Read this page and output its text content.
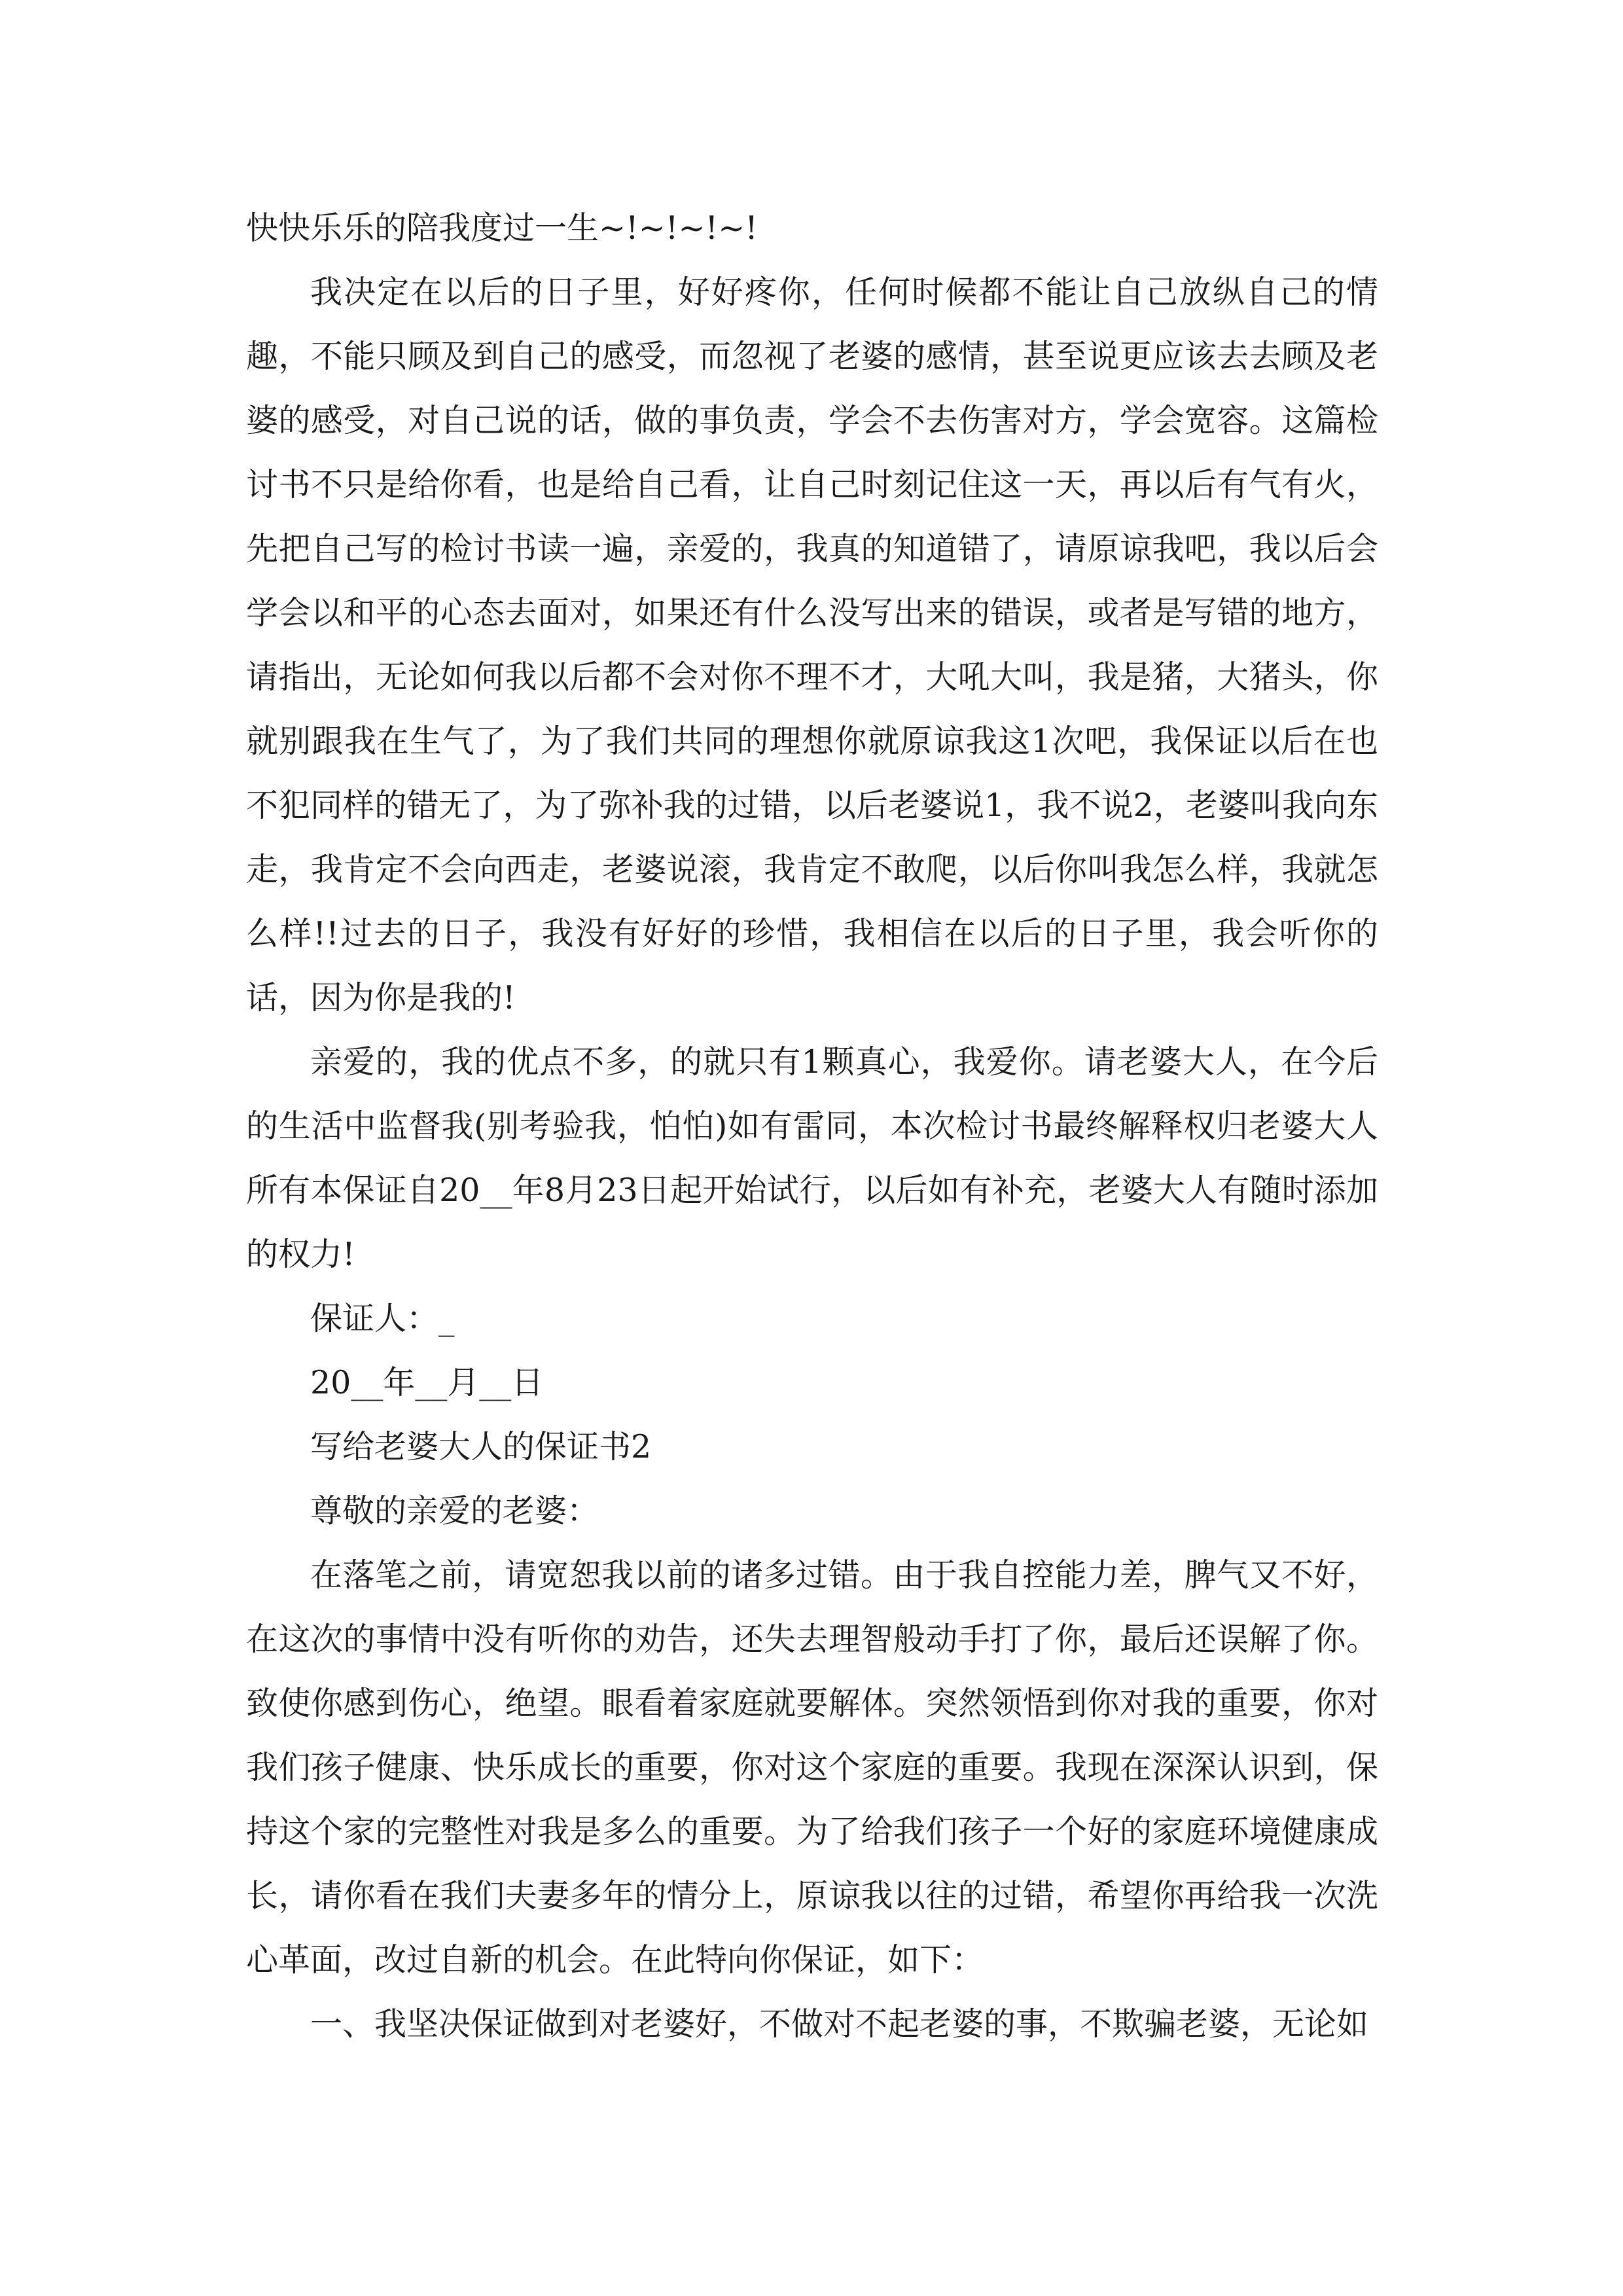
快快乐乐的陪我度过一生~!~!~!~!

我决定在以后的日子里，好好疼你，任何时候都不能让自己放纵自己的情趣，不能只顾及到自己的感受，而忽视了老婆的感情，甚至说更应该去去顾及老婆的感受，对自己说的话，做的事负责，学会不去伤害对方，学会宽容。这篇检讨书不只是给你看，也是给自己看，让自己时刻记住这一天，再以后有气有火，先把自己写的检讨书读一遍，亲爱的，我真的知道错了，请原谅我吧，我以后会学会以和平的心态去面对，如果还有什么没写出来的错误，或者是写错的地方，请指出，无论如何我以后都不会对你不理不才，大吼大叫，我是猪，大猪头，你就别跟我在生气了，为了我们共同的理想你就原谅我这1次吧，我保证以后在也不犯同样的错无了，为了弥补我的过错，以后老婆说1，我不说2，老婆叫我向东走，我肯定不会向西走，老婆说滚，我肯定不敢爬，以后你叫我怎么样，我就怎么样!!过去的日子，我没有好好的珍惜，我相信在以后的日子里，我会听你的话，因为你是我的!

亲爱的，我的优点不多，的就只有1颗真心，我爱你。请老婆大人，在今后的生活中监督我(别考验我，怕怕)如有雷同，本次检讨书最终解释权归老婆大人所有本保证自20__年8月23日起开始试行，以后如有补充，老婆大人有随时添加的权力!

保证人：_

20__年__月__日

写给老婆大人的保证书2

尊敬的亲爱的老婆：

在落笔之前，请宽恕我以前的诸多过错。由于我自控能力差，脾气又不好，在这次的事情中没有听你的劝告，还失去理智般动手打了你，最后还误解了你。致使你感到伤心，绝望。眼看着家庭就要解体。突然领悟到你对我的重要，你对我们孩子健康、快乐成长的重要，你对这个家庭的重要。我现在深深认识到，保持这个家的完整性对我是多么的重要。为了给我们孩子一个好的家庭环境健康成长，请你看在我们夫妻多年的情分上，原谅我以往的过错，希望你再给我一次洗心革面，改过自新的机会。在此特向你保证，如下：

一、我坚决保证做到对老婆好，不做对不起老婆的事，不欺骗老婆，无论如
